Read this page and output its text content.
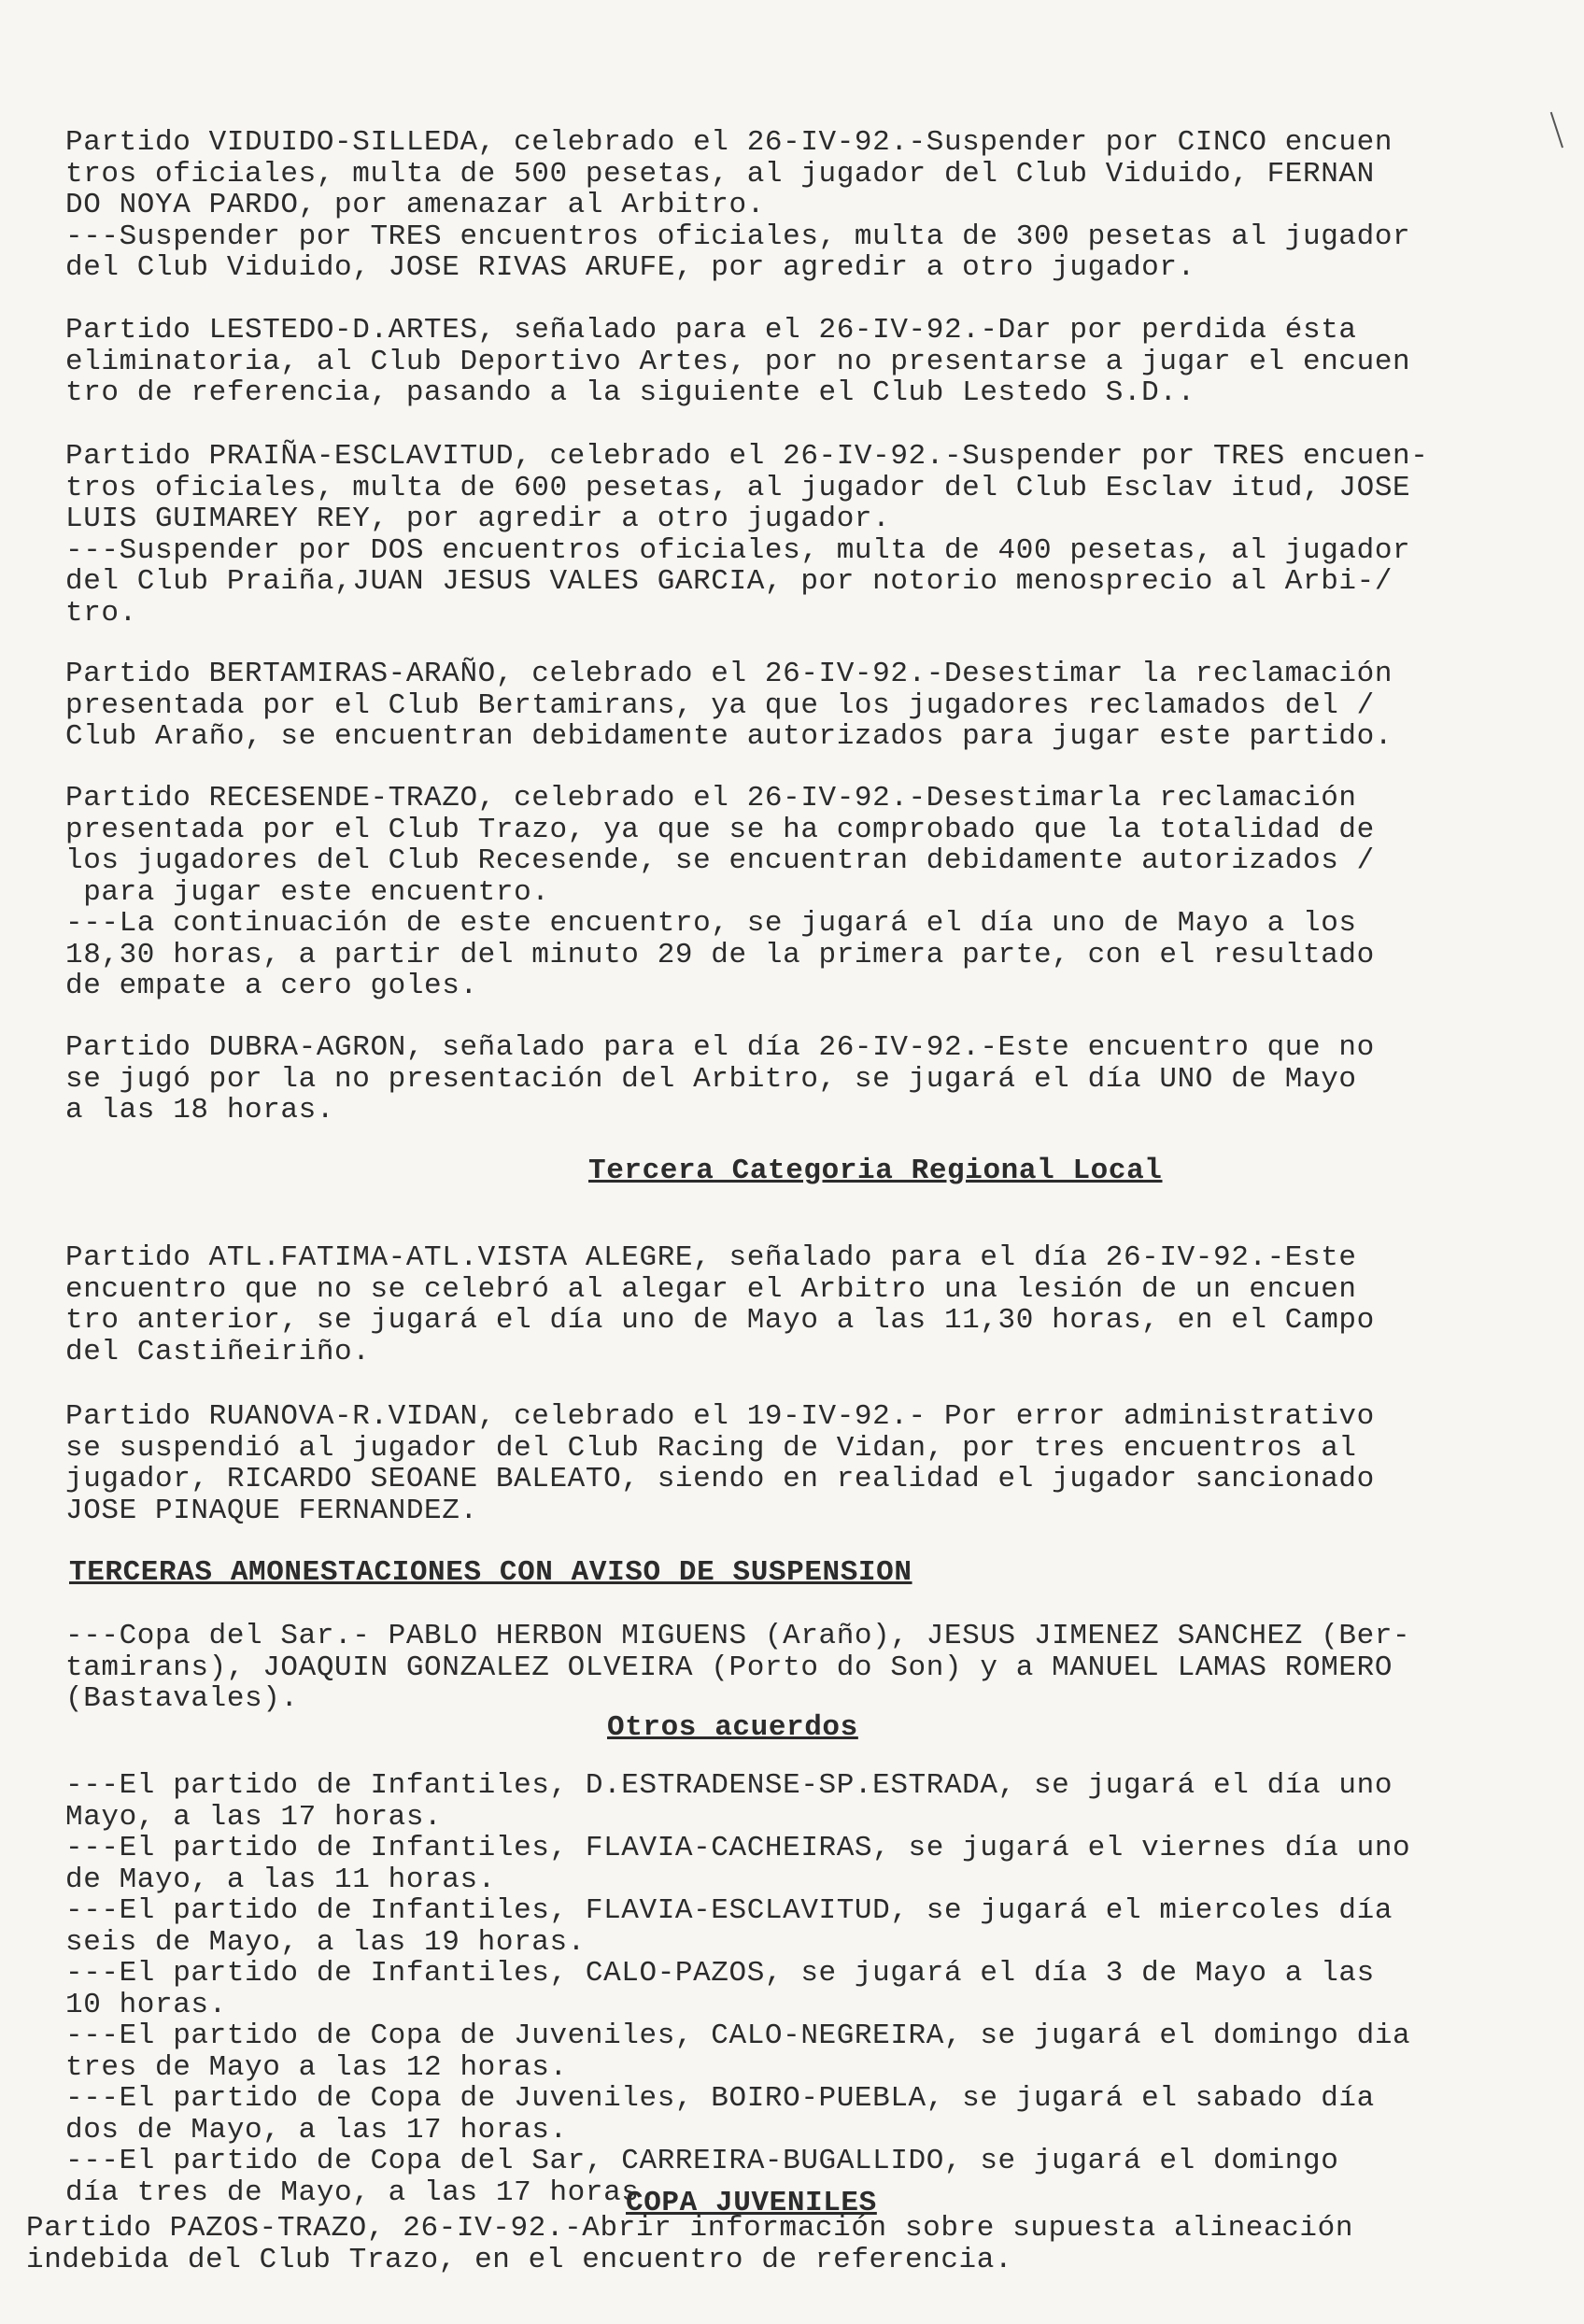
Partido VIDUIDO-SILLEDA, celebrado el 26-IV-92.-Suspender por CINCO encuen
tros oficiales, multa de 500 pesetas, al jugador del Club Viduido, FERNAN
DO NOYA PARDO, por amenazar al Arbitro.
---Suspender por TRES encuentros oficiales, multa de 300 pesetas al jugador
del Club Viduido, JOSE RIVAS ARUFE, por agredir a otro jugador.

Partido LESTEDO-D.ARTES, señalado para el 26-IV-92.-Dar por perdida ésta
eliminatoria, al Club Deportivo Artes, por no presentarse a jugar el encuen
tro de referencia, pasando a la siguiente el Club Lestedo S.D..

Partido PRAIÑA-ESCLAVITUD, celebrado el 26-IV-92.-Suspender por TRES encuen-
tros oficiales, multa de 600 pesetas, al jugador del Club Esclav itud, JOSE
LUIS GUIMAREY REY, por agredir a otro jugador.
---Suspender por DOS encuentros oficiales, multa de 400 pesetas, al jugador
del Club Praiña,JUAN JESUS VALES GARCIA, por notorio menosprecio al Arbi-/
tro.

Partido BERTAMIRAS-ARAÑO, celebrado el 26-IV-92.-Desestimar la reclamación
presentada por el Club Bertamirans, ya que los jugadores reclamados del /
Club Araño, se encuentran debidamente autorizados para jugar este partido.

Partido RECESENDE-TRAZO, celebrado el 26-IV-92.-Desestimarla reclamación
presentada por el Club Trazo, ya que se ha comprobado que la totalidad de
los jugadores del Club Recesende, se encuentran debidamente autorizados /
para jugar este encuentro.
---La continuación de este encuentro, se jugará el día uno de Mayo a los
18,30 horas, a partir del minuto 29 de la primera parte, con el resultado
de empate a cero goles.

Partido DUBRA-AGRON, señalado para el día 26-IV-92.-Este encuentro que no
se jugó por la no presentación del Arbitro, se jugará el día UNO de Mayo
a las 18 horas.

Tercera Categoria Regional Local

Partido ATL.FATIMA-ATL.VISTA ALEGRE, señalado para el día 26-IV-92.-Este
encuentro que no se celebró al alegar el Arbitro una lesión de un encuen
tro anterior, se jugará el día uno de Mayo a las 11,30 horas, en el Campo
del Castiñeiriño.

Partido RUANOVA-R.VIDAN, celebrado el 19-IV-92.- Por error administrativo
se suspendió al jugador del Club Racing de Vidan, por tres encuentros al
jugador, RICARDO SEOANE BALEATO, siendo en realidad el jugador sancionado
JOSE PINAQUE FERNANDEZ.

TERCERAS AMONESTACIONES CON AVISO DE SUSPENSION

---Copa del Sar.- PABLO HERBON MIGUENS (Araño), JESUS JIMENEZ SANCHEZ (Ber-
tamirans), JOAQUIN GONZALEZ OLVEIRA (Porto do Son) y a MANUEL LAMAS ROMERO
(Bastavales).

Otros acuerdos

---El partido de Infantiles, D.ESTRADENSE-SP.ESTRADA, se jugará el día uno
Mayo, a las 17 horas.
---El partido de Infantiles, FLAVIA-CACHEIRAS, se jugará el viernes día uno
de Mayo, a las 11 horas.
---El partido de Infantiles, FLAVIA-ESCLAVITUD, se jugará el miercoles día
seis de Mayo, a las 19 horas.
---El partido de Infantiles, CALO-PAZOS, se jugará el día 3 de Mayo a las
10 horas.
---El partido de Copa de Juveniles, CALO-NEGREIRA, se jugará el domingo dia
tres de Mayo a las 12 horas.
---El partido de Copa de Juveniles, BOIRO-PUEBLA, se jugará el sabado día
dos de Mayo, a las 17 horas.
---El partido de Copa del Sar, CARREIRA-BUGALLIDO, se jugará el domingo
día tres de Mayo, a las 17 horas.

COPA JUVENILES

Partido PAZOS-TRAZO, 26-IV-92.-Abrir información sobre supuesta alineación
indebida del Club Trazo, en el encuentro de referencia.
